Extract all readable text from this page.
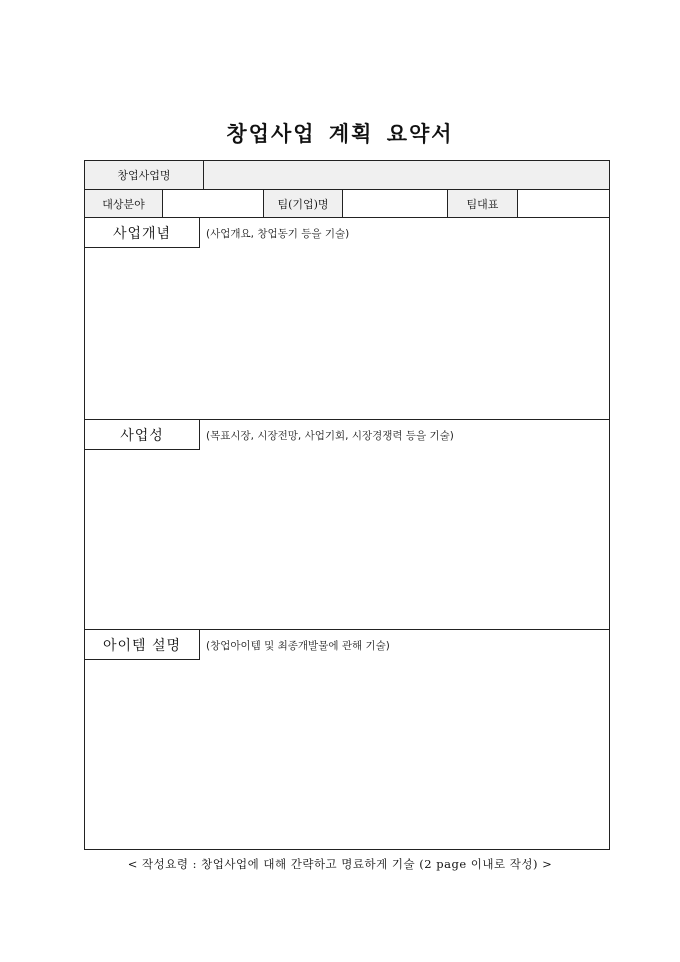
창업사업 계획 요약서
창업사업명
대상분야	팀(기업)명	팀대표
사업개념	(사업개요, 창업동기 등을 기술)
사업성	(목표시장, 시장전망, 사업기회, 시장경쟁력 등을 기술)
아이템 설명	(창업아이템 및 최종개발물에 관해 기술)
< 작성요령 : 창업사업에 대해 간략하고 명료하게 기술 (2 page 이내로 작성) >
